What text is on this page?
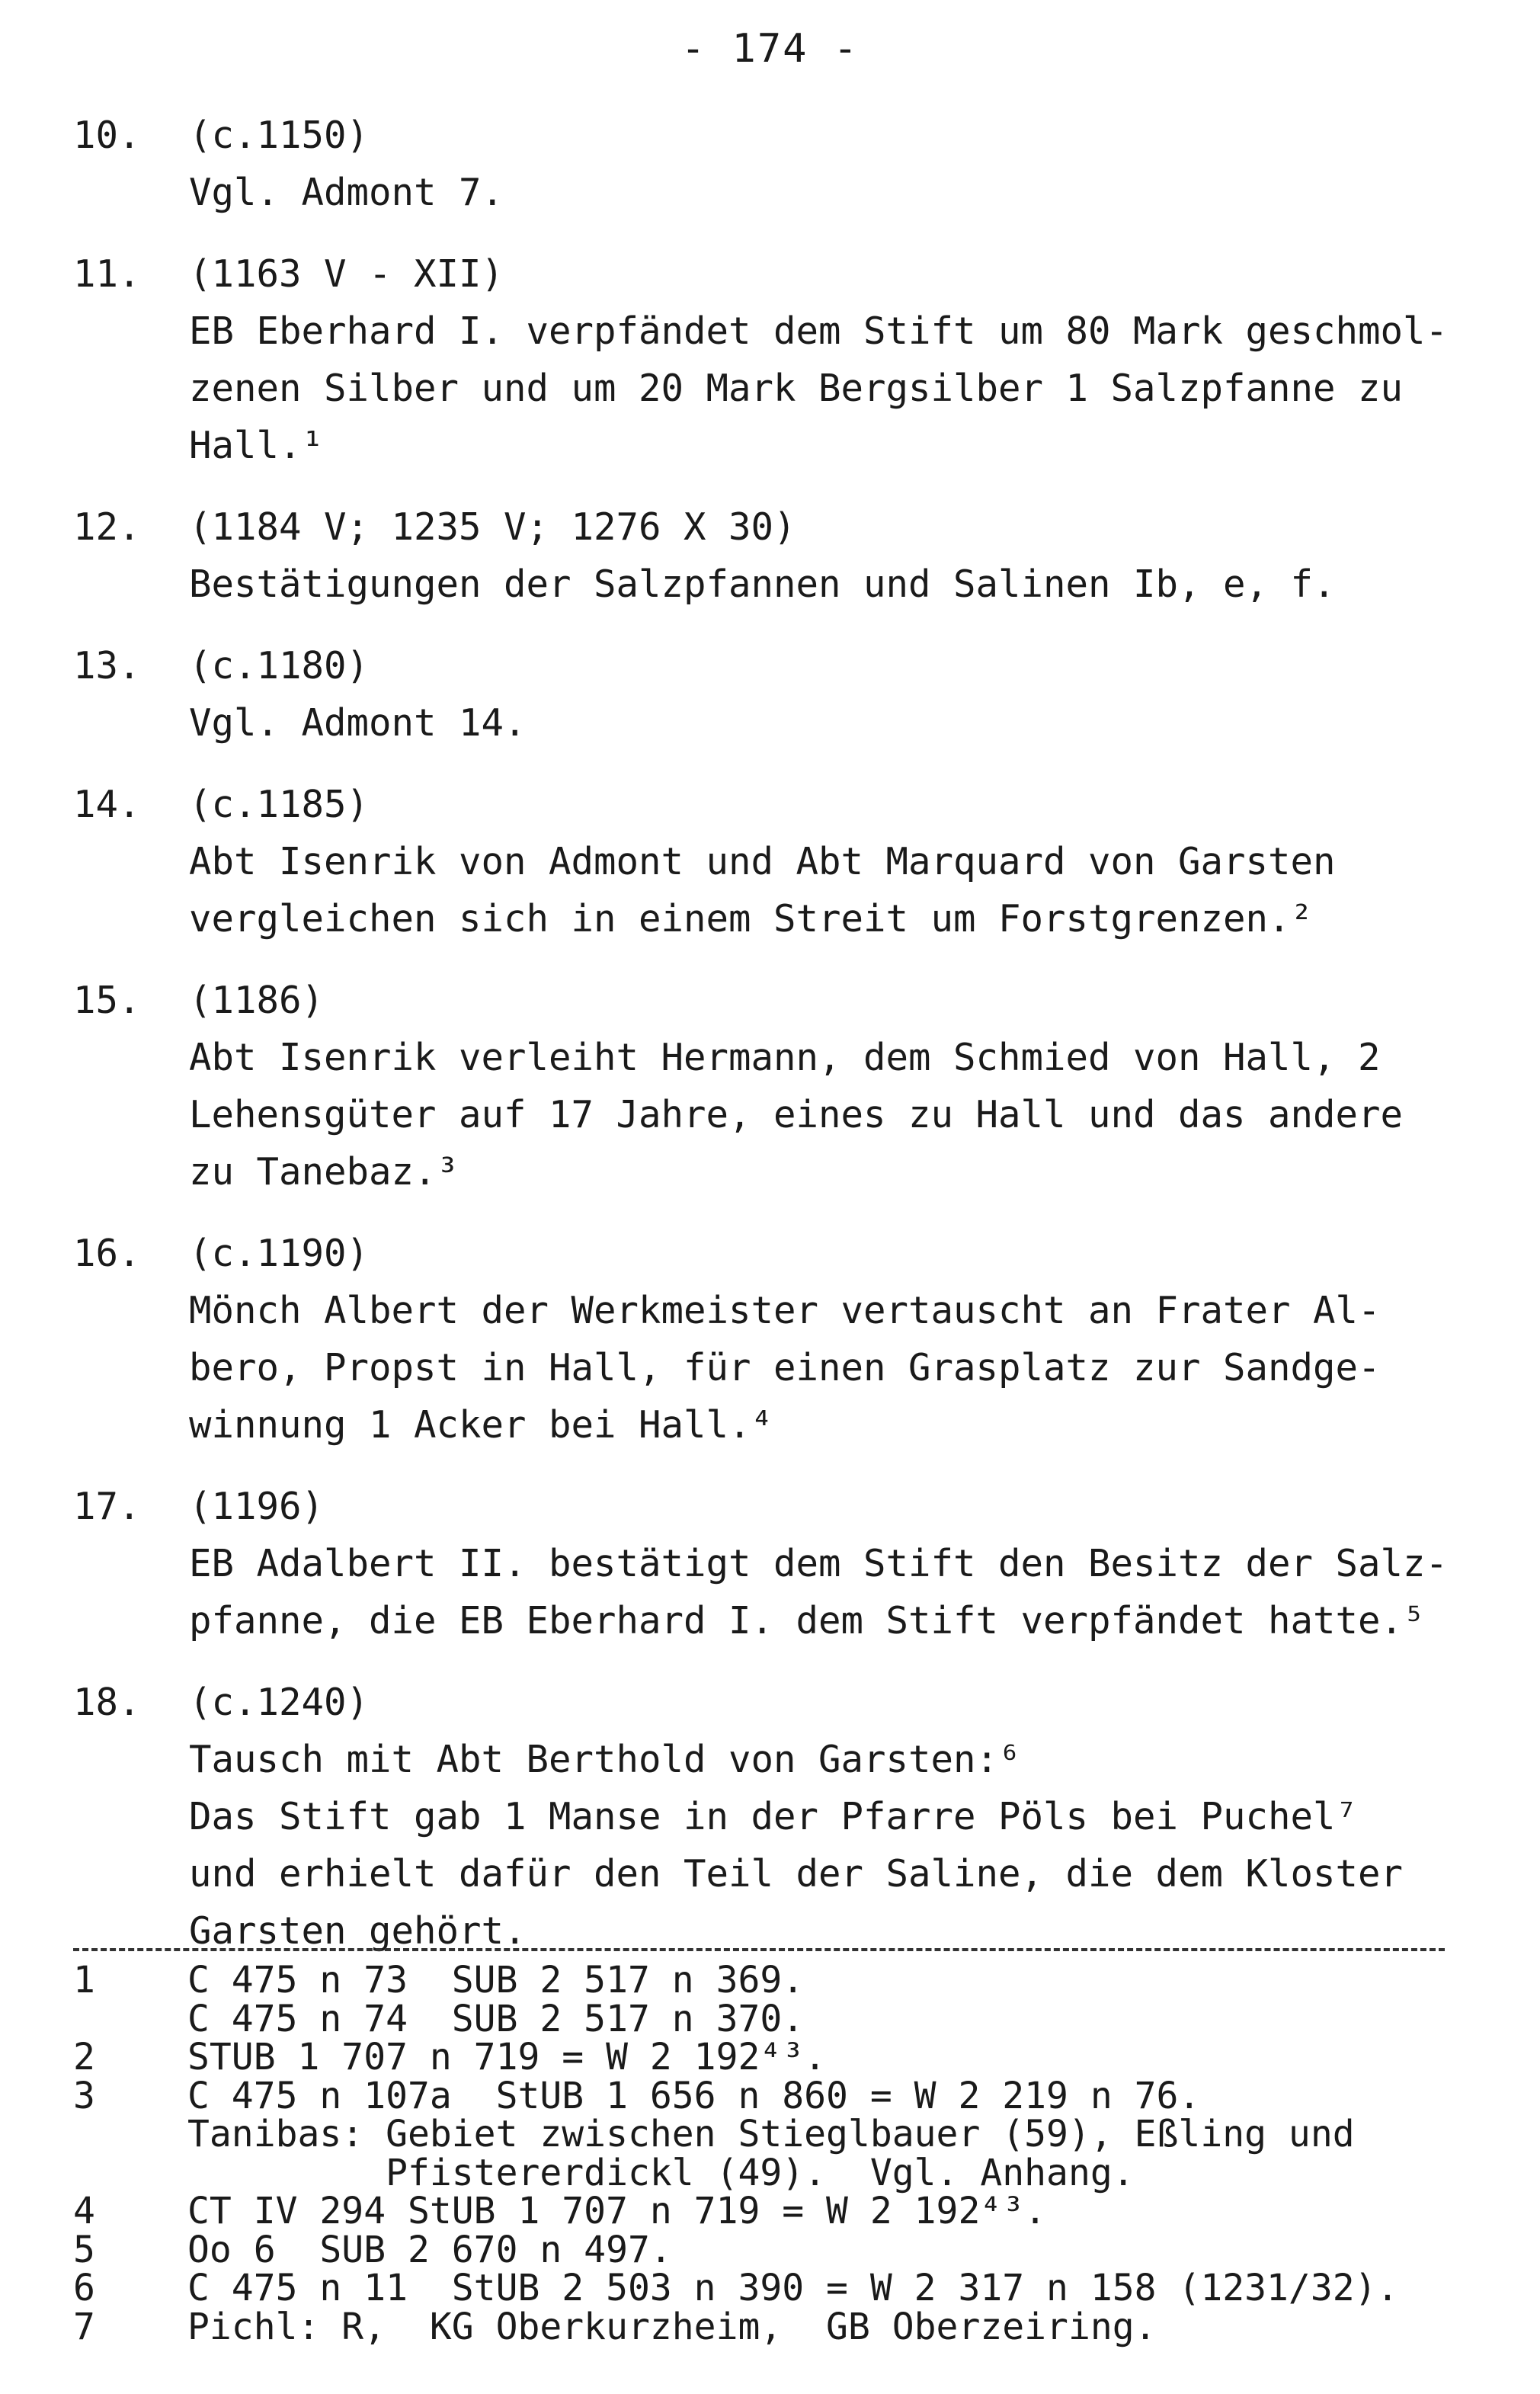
- 174 -
10.	(c.1150)
Vgl. Admont 7.
11.	(1163 V - XII)
EB Eberhard I. verpfändet dem Stift um 80 Mark geschmol-
zenen Silber und um 20 Mark Bergsilber 1 Salzpfanne zu
Hall.¹
12.	(1184 V; 1235 V; 1276 X 30)
Bestätigungen der Salzpfannen und Salinen Ib, e, f.
13.	(c.1180)
Vgl. Admont 14.
14.	(c.1185)
Abt Isenrik von Admont und Abt Marquard von Garsten
vergleichen sich in einem Streit um Forstgrenzen.²
15.	(1186)
Abt Isenrik verleiht Hermann, dem Schmied von Hall, 2
Lehensgüter auf 17 Jahre, eines zu Hall und das andere
zu Tanebaz.³
16.	(c.1190)
Mönch Albert der Werkmeister vertauscht an Frater Al-
bero, Propst in Hall, für einen Grasplatz zur Sandge-
winnung 1 Acker bei Hall.⁴
17.	(1196)
EB Adalbert II. bestätigt dem Stift den Besitz der Salz-
pfanne, die EB Eberhard I. dem Stift verpfändet hatte.⁵
18.	(c.1240)
Tausch mit Abt Berthold von Garsten:⁶
Das Stift gab 1 Manse in der Pfarre Pöls bei Puchel⁷
und erhielt dafür den Teil der Saline, die dem Kloster
Garsten gehört.
1	C 475 n 73  SUB 2 517 n 369.
C 475 n 74  SUB 2 517 n 370.
2	STUB 1 707 n 719 = W 2 192⁴³.
3	C 475 n 107a  StUB 1 656 n 860 = W 2 219 n 76.
Tanibas: Gebiet zwischen Stieglbauer (59), Eßling und
Pfistererdickl (49).  Vgl. Anhang.
4	CT IV 294 StUB 1 707 n 719 = W 2 192⁴³.
5	Oo 6  SUB 2 670 n 497.
6	C 475 n 11  StUB 2 503 n 390 = W 2 317 n 158 (1231/32).
7	Pichl: R,  KG Oberkurzheim,  GB Oberzeiring.
